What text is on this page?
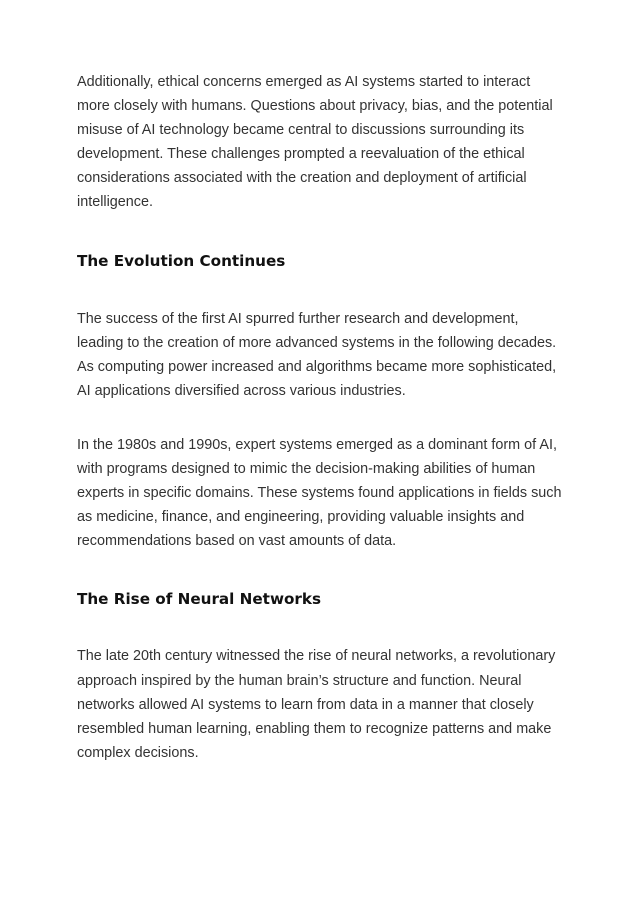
Additionally, ethical concerns emerged as AI systems started to interact more closely with humans. Questions about privacy, bias, and the potential misuse of AI technology became central to discussions surrounding its development. These challenges prompted a reevaluation of the ethical considerations associated with the creation and deployment of artificial intelligence.

The Evolution Continues

The success of the first AI spurred further research and development, leading to the creation of more advanced systems in the following decades. As computing power increased and algorithms became more sophisticated, AI applications diversified across various industries.

In the 1980s and 1990s, expert systems emerged as a dominant form of AI, with programs designed to mimic the decision-making abilities of human experts in specific domains. These systems found applications in fields such as medicine, finance, and engineering, providing valuable insights and recommendations based on vast amounts of data.

The Rise of Neural Networks

The late 20th century witnessed the rise of neural networks, a revolutionary approach inspired by the human brain’s structure and function. Neural networks allowed AI systems to learn from data in a manner that closely resembled human learning, enabling them to recognize patterns and make complex decisions.
